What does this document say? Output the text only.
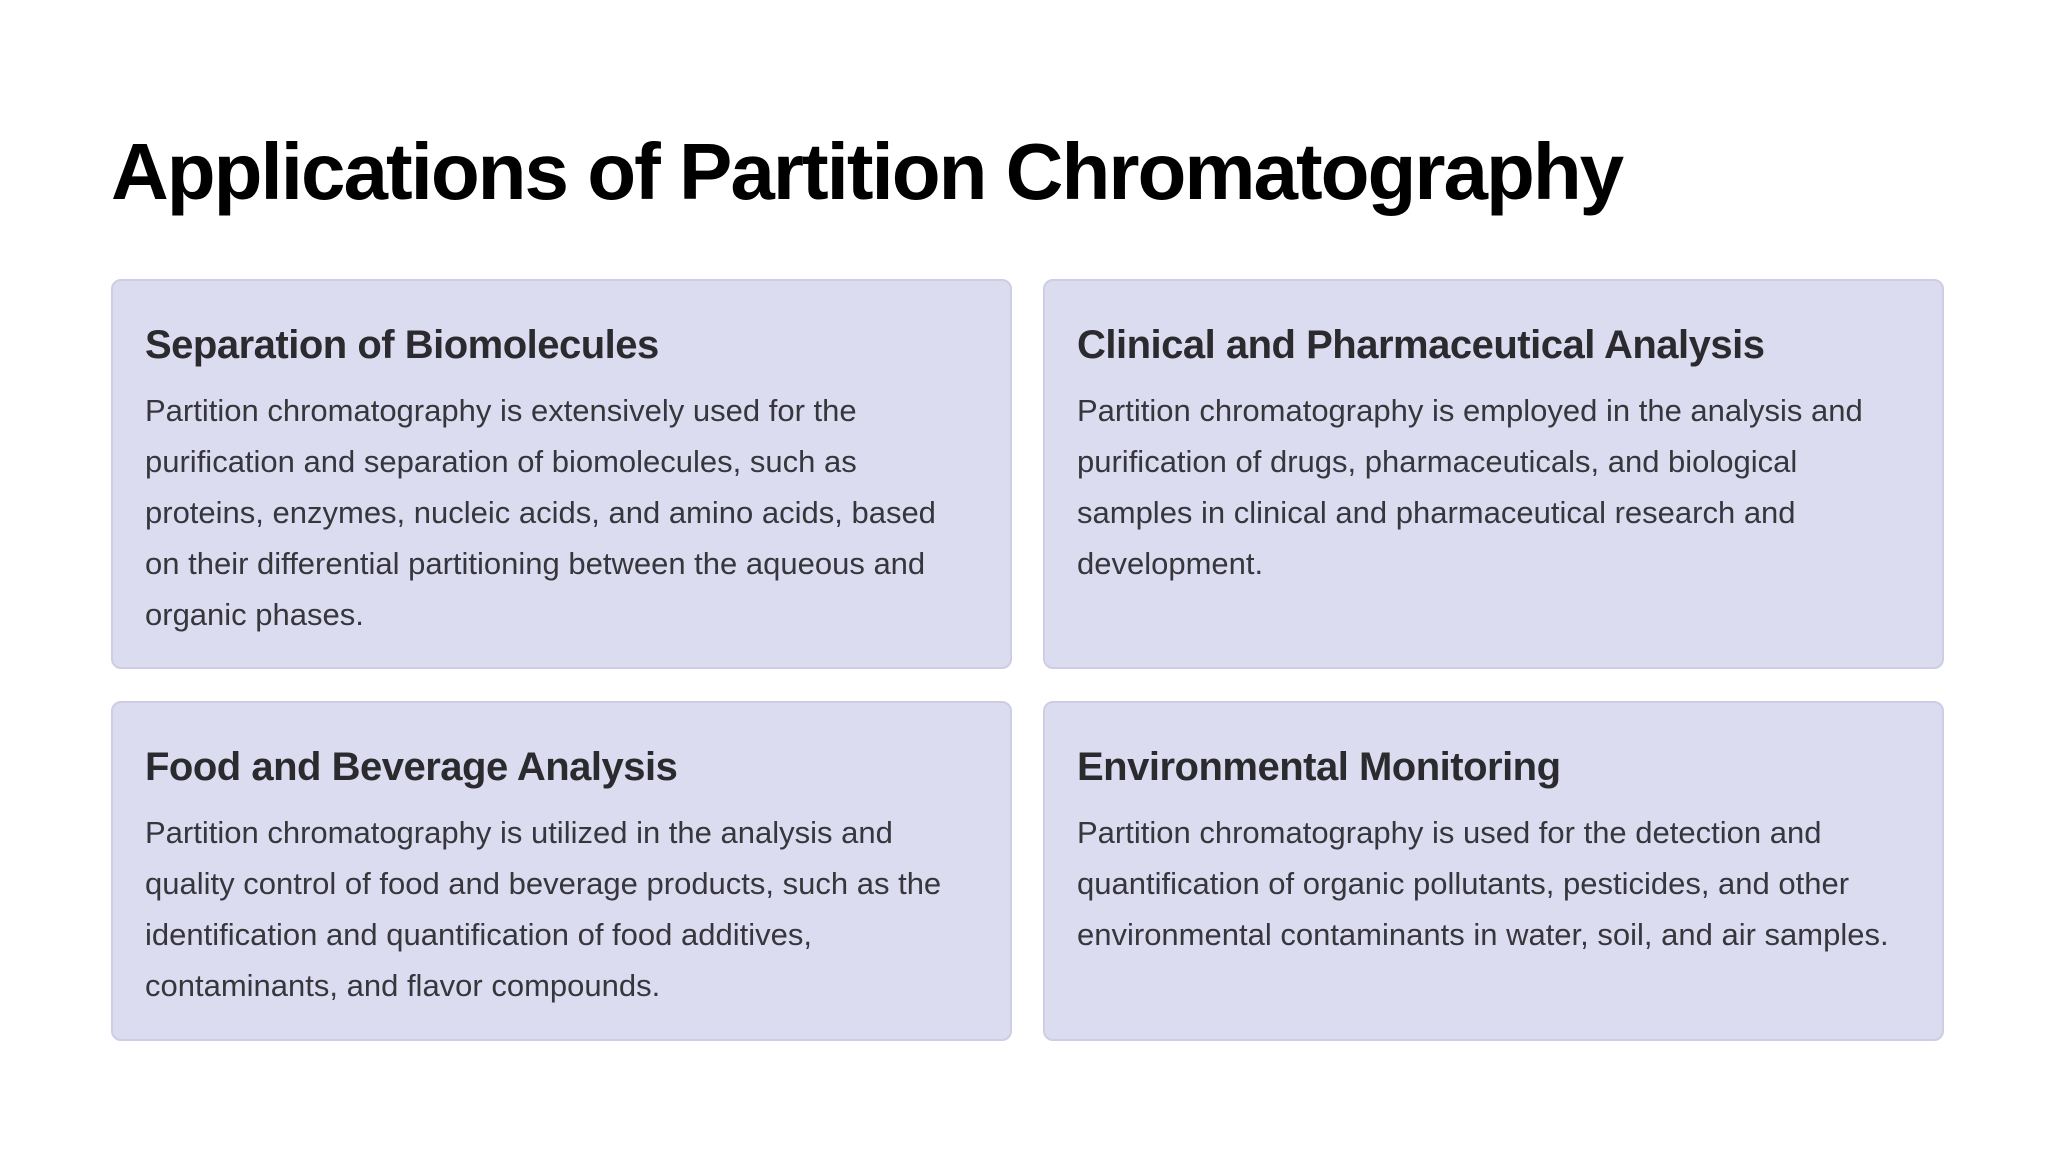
Applications of Partition Chromatography
Separation of Biomolecules

Partition chromatography is extensively used for the purification and separation of biomolecules, such as proteins, enzymes, nucleic acids, and amino acids, based on their differential partitioning between the aqueous and organic phases.

Clinical and Pharmaceutical Analysis

Partition chromatography is employed in the analysis and purification of drugs, pharmaceuticals, and biological samples in clinical and pharmaceutical research and development.

Food and Beverage Analysis

Partition chromatography is utilized in the analysis and quality control of food and beverage products, such as the identification and quantification of food additives, contaminants, and flavor compounds.

Environmental Monitoring

Partition chromatography is used for the detection and quantification of organic pollutants, pesticides, and other environmental contaminants in water, soil, and air samples.
